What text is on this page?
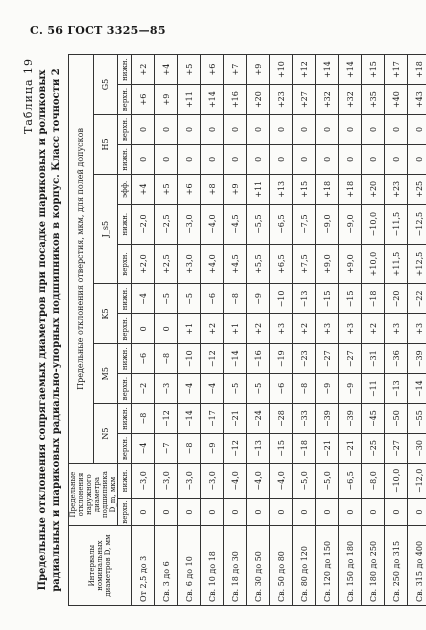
С. 56 ГОСТ 3325—85
Таблица 19 Предельные отклонения сопрягаемых диаметров при посадке шариковых и роликовых радиальных и шариковых радиально-упорных подшипников в корпус. Класс точности 2	Интервалы номинальных диаметров D, мм	Предельные отклонения наружного диаметра подшипника D_m, мкм		Предельные отклонения отверстия, мкм, для полей допусков												
			N5		M5		K5		J_s5			H5		G5	
	верхн.	нижн.	верхн.	нижн.	верхн.	нижн.	верхн.	нижн.	верхн.	нижн.	эфф.	нижн.	верхн.	верхн.	нижн.
От 2,5 до 3	0	−3,0	−4	−8	−2	−6	0	−4	+2,0	−2,0	+4	0	0	+6	+2
Св. 3 до 6	0	−3,0	−7	−12	−3	−8	0	−5	+2,5	−2,5	+5	0	0	+9	+4
Св. 6 до 10	0	−3,0	−8	−14	−4	−10	+1	−5	+3,0	−3,0	+6	0	0	+11	+5
Св. 10 до 18	0	−3,0	−9	−17	−4	−12	+2	−6	+4,0	−4,0	+8	0	0	+14	+6
Св. 18 до 30	0	−4,0	−12	−21	−5	−14	+1	−8	+4,5	−4,5	+9	0	0	+16	+7
Св. 30 до 50	0	−4,0	−13	−24	−5	−16	+2	−9	+5,5	−5,5	+11	0	0	+20	+9
Св. 50 до 80	0	−4,0	−15	−28	−6	−19	+3	−10	+6,5	−6,5	+13	0	0	+23	+10
Св. 80 до 120	0	−5,0	−18	−33	−8	−23	+2	−13	+7,5	−7,5	+15	0	0	+27	+12
Св. 120 до 150	0	−5,0	−21	−39	−9	−27	+3	−15	+9,0	−9,0	+18	0	0	+32	+14
Св. 150 до 180	0	−6,5	−21	−39	−9	−27	+3	−15	+9,0	−9,0	+18	0	0	+32	+14
Св. 180 до 250	0	−8,0	−25	−45	−11	−31	+2	−18	+10,0	−10,0	+20	0	0	+35	+15
Св. 250 до 315	0	−10,0	−27	−50	−13	−36	+3	−20	+11,5	−11,5	+23	0	0	+40	+17
Св. 315 до 400	0	−12,0	−30	−55	−14	−39	+3	−22	+12,5	−12,5	+25	0	0	+43	+18
